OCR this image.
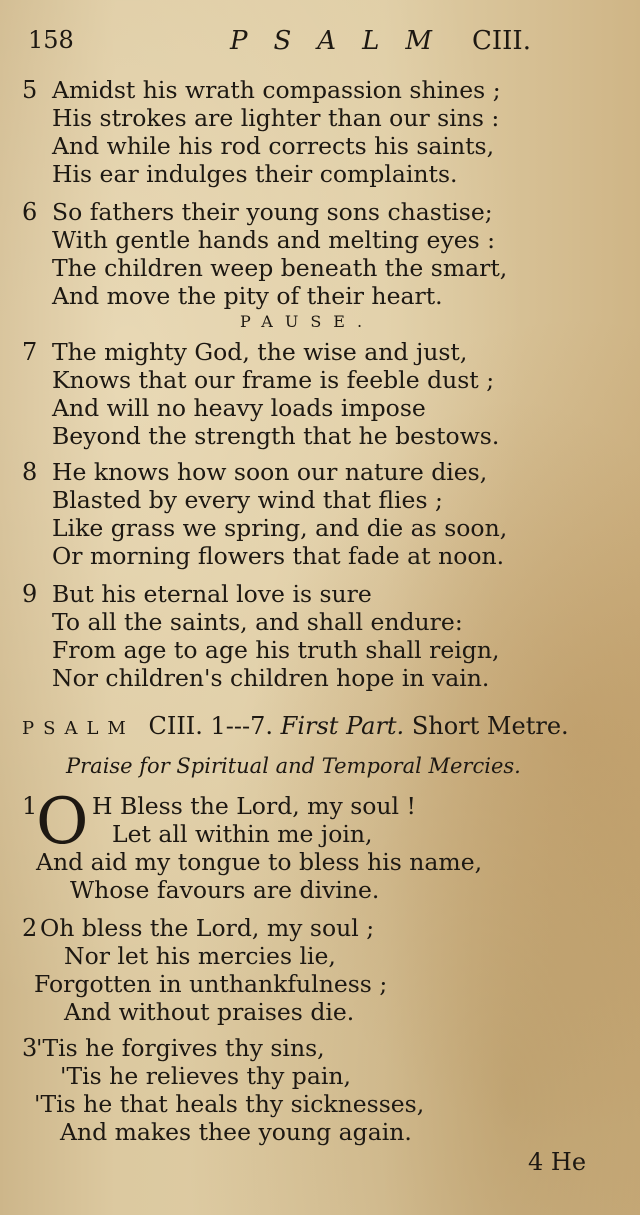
158	PSALM CIII.
5 Amidst his wrath compassion shines ;
His strokes are lighter than our sins :
And while his rod corrects his saints,
His ear indulges their complaints.
6 So fathers their young sons chastise;
With gentle hands and melting eyes :
The children weep beneath the smart,
And move the pity of their heart.
PAUSE.
7 The mighty God, the wise and just,
Knows that our frame is feeble dust ;
And will no heavy loads impose
Beyond the strength that he bestows.
8 He knows how soon our nature dies,
Blasted by every wind that flies ;
Like grass we spring, and die as soon,
Or morning flowers that fade at noon.
9 But his eternal love is sure
To all the saints, and shall endure:
From age to age his truth shall reign,
Nor children's children hope in vain.
PSALM CIII. 1---7. First Part. Short Metre.
Praise for Spiritual and Temporal Mercies.
1	H Bless the Lord, my soul !
Let all within me join,
And aid my tongue to bless his name,
Whose favours are divine.
O
2 Oh bless the Lord, my soul ;
Nor let his mercies lie,
Forgotten in unthankfulness ;
And without praises die.
3
'Tis he forgives thy sins,
'Tis he relieves thy pain,
'Tis he that heals thy sicknesses,
And makes thee young again.
4 He
